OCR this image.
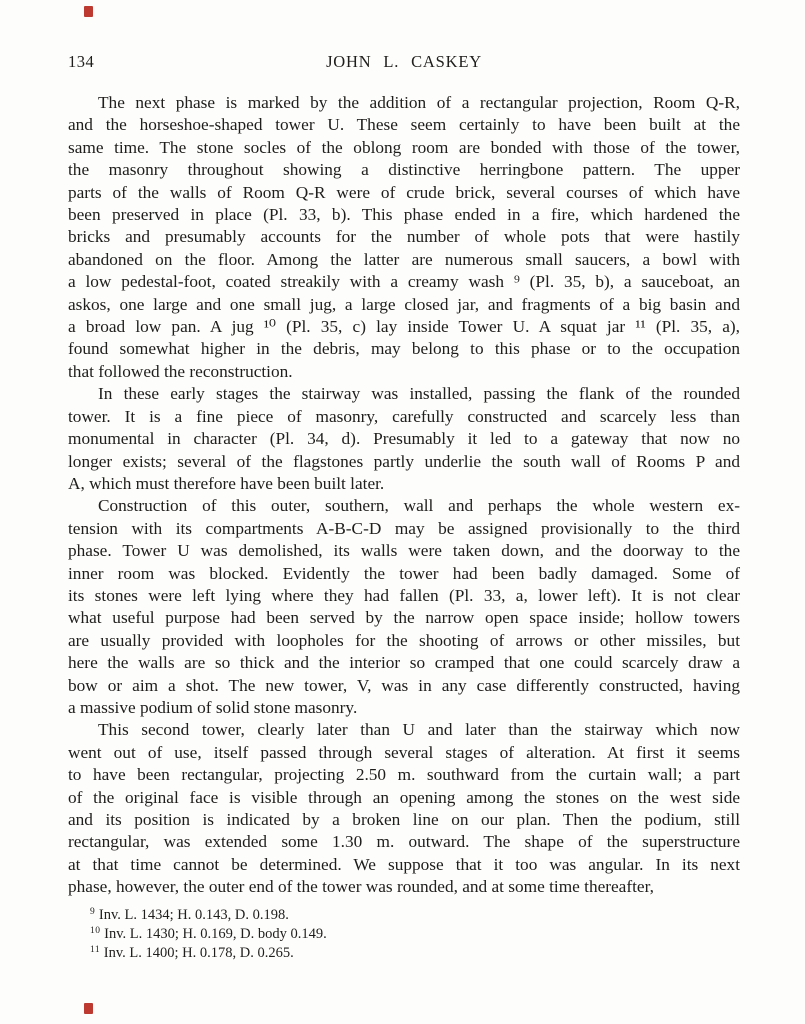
134	JOHN L. CASKEY
The next phase is marked by the addition of a rectangular projection, Room Q-R,
and the horseshoe-shaped tower U. These seem certainly to have been built at the
same time. The stone socles of the oblong room are bonded with those of the tower,
the masonry throughout showing a distinctive herringbone pattern. The upper
parts of the walls of Room Q-R were of crude brick, several courses of which have
been preserved in place (Pl. 33, b). This phase ended in a fire, which hardened the
bricks and presumably accounts for the number of whole pots that were hastily
abandoned on the floor. Among the latter are numerous small saucers, a bowl with
a low pedestal-foot, coated streakily with a creamy wash ⁹ (Pl. 35, b), a sauceboat, an
askos, one large and one small jug, a large closed jar, and fragments of a big basin and
a broad low pan. A jug ¹⁰ (Pl. 35, c) lay inside Tower U. A squat jar ¹¹ (Pl. 35, a),
found somewhat higher in the debris, may belong to this phase or to the occupation
that followed the reconstruction.
In these early stages the stairway was installed, passing the flank of the rounded
tower. It is a fine piece of masonry, carefully constructed and scarcely less than
monumental in character (Pl. 34, d). Presumably it led to a gateway that now no
longer exists; several of the flagstones partly underlie the south wall of Rooms P and
A, which must therefore have been built later.
Construction of this outer, southern, wall and perhaps the whole western ex-
tension with its compartments A-B-C-D may be assigned provisionally to the third
phase. Tower U was demolished, its walls were taken down, and the doorway to the
inner room was blocked. Evidently the tower had been badly damaged. Some of
its stones were left lying where they had fallen (Pl. 33, a, lower left). It is not clear
what useful purpose had been served by the narrow open space inside; hollow towers
are usually provided with loopholes for the shooting of arrows or other missiles, but
here the walls are so thick and the interior so cramped that one could scarcely draw a
bow or aim a shot. The new tower, V, was in any case differently constructed, having
a massive podium of solid stone masonry.
This second tower, clearly later than U and later than the stairway which now
went out of use, itself passed through several stages of alteration. At first it seems
to have been rectangular, projecting 2.50 m. southward from the curtain wall; a part
of the original face is visible through an opening among the stones on the west side
and its position is indicated by a broken line on our plan. Then the podium, still
rectangular, was extended some 1.30 m. outward. The shape of the superstructure
at that time cannot be determined. We suppose that it too was angular. In its next
phase, however, the outer end of the tower was rounded, and at some time thereafter,
$^9$ Inv. L. 1434; H. 0.143, D. 0.198.
$^{10}$ Inv. L. 1430; H. 0.169, D. body 0.149.
$^{11}$ Inv. L. 1400; H. 0.178, D. 0.265.
